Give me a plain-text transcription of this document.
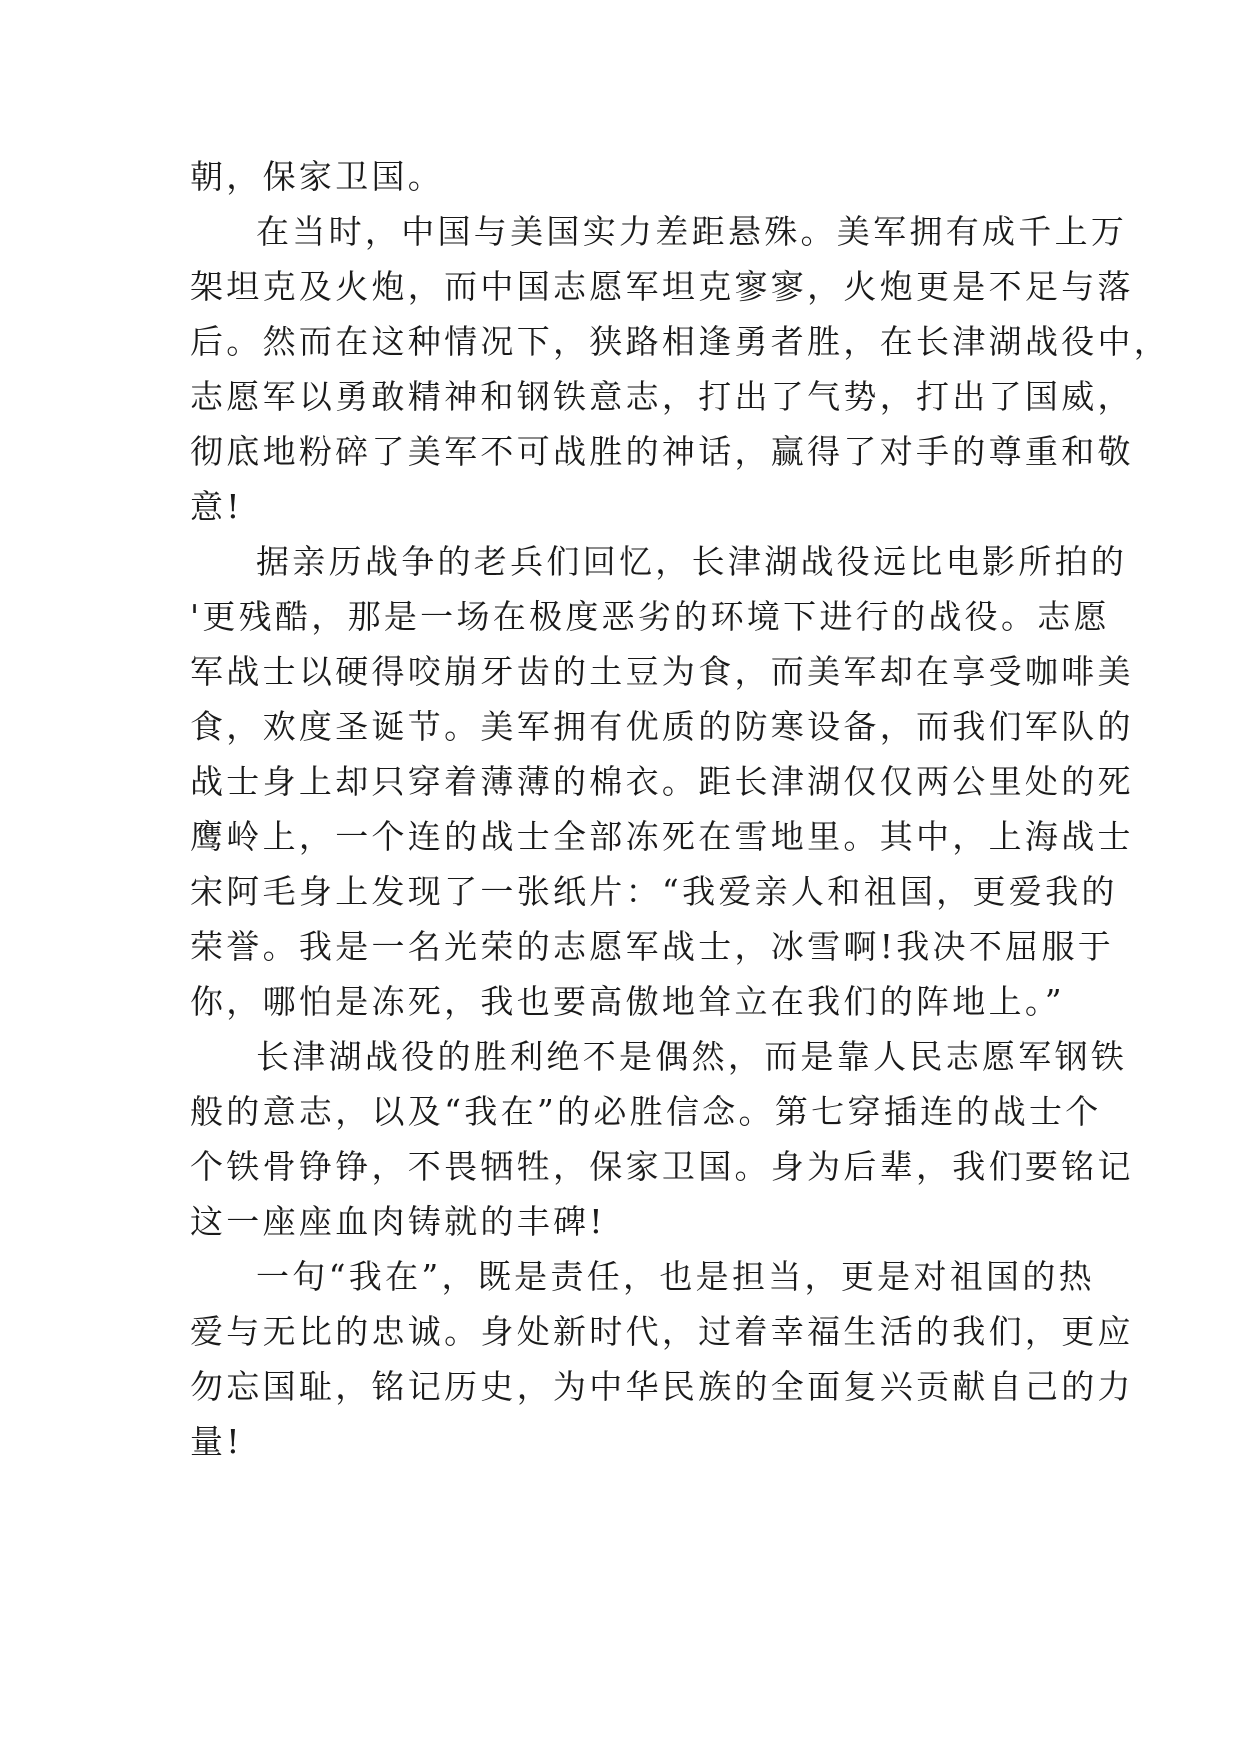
朝，保家卫国。

在当时，中国与美国实力差距悬殊。美军拥有成千上万
架坦克及火炮，而中国志愿军坦克寥寥，火炮更是不足与落
后。然而在这种情况下，狭路相逢勇者胜，在长津湖战役中，
志愿军以勇敢精神和钢铁意志，打出了气势，打出了国威，
彻底地粉碎了美军不可战胜的神话，赢得了对手的尊重和敬
意!

据亲历战争的老兵们回忆，长津湖战役远比电影所拍的
'更残酷，那是一场在极度恶劣的环境下进行的战役。志愿
军战士以硬得咬崩牙齿的土豆为食，而美军却在享受咖啡美
食，欢度圣诞节。美军拥有优质的防寒设备，而我们军队的
战士身上却只穿着薄薄的棉衣。距长津湖仅仅两公里处的死
鹰岭上，一个连的战士全部冻死在雪地里。其中，上海战士
宋阿毛身上发现了一张纸片：“我爱亲人和祖国，更爱我的
荣誉。我是一名光荣的志愿军战士，冰雪啊!我决不屈服于
你，哪怕是冻死，我也要高傲地耸立在我们的阵地上。”

长津湖战役的胜利绝不是偶然，而是靠人民志愿军钢铁
般的意志，以及“我在”的必胜信念。第七穿插连的战士个
个铁骨铮铮，不畏牺牲，保家卫国。身为后辈，我们要铭记
这一座座血肉铸就的丰碑!

一句“我在”，既是责任，也是担当，更是对祖国的热
爱与无比的忠诚。身处新时代，过着幸福生活的我们，更应
勿忘国耻，铭记历史，为中华民族的全面复兴贡献自己的力
量!
